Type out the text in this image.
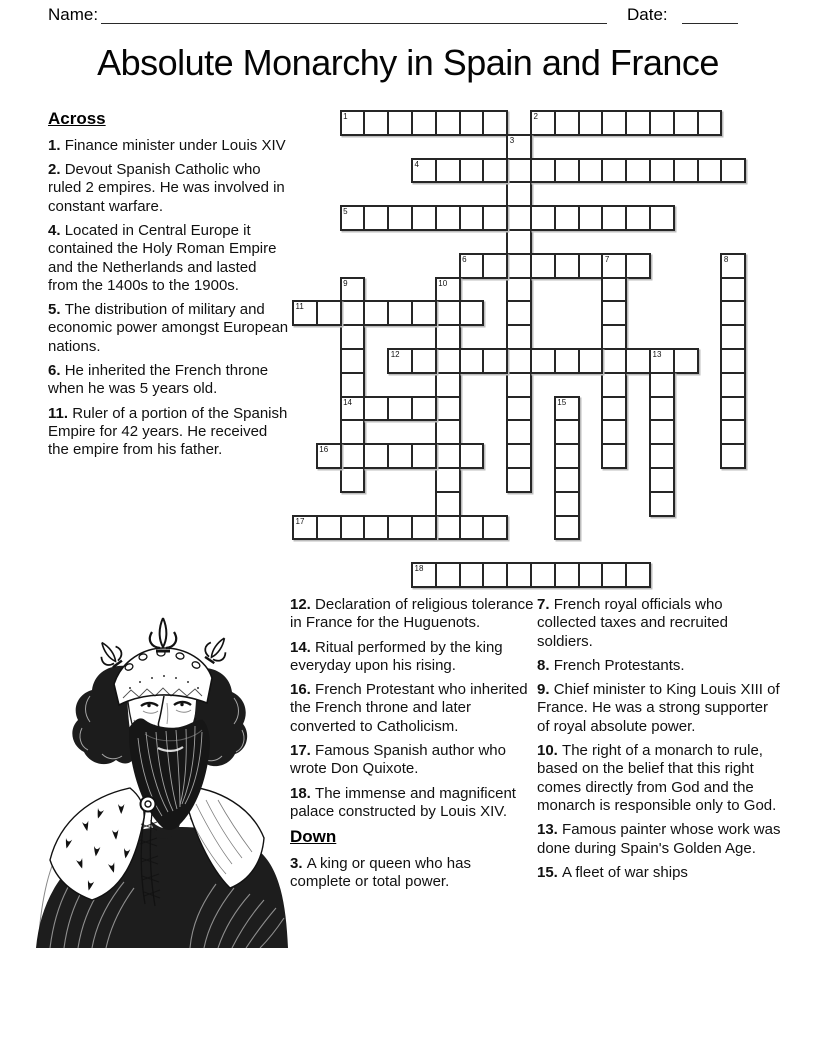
Name:	Date:
Absolute Monarchy in Spain and France
1	2
3
4
5
6	7	8
9
14
10
11
12	13
15
16
17
18
Across
1. Finance minister under Louis XIV
2. Devout Spanish Catholic who ruled 2 empires. He was involved in constant warfare.
4. Located in Central Europe it contained the Holy Roman Empire and the Netherlands and lasted from the 1400s to the 1900s.
5. The distribution of military and economic power amongst European nations.
6. He inherited the French throne when he was 5 years old.
11. Ruler of a portion of the Spanish Empire for 42 years. He received the empire from his father.
12. Declaration of religious tolerance in France for the Huguenots.
14. Ritual performed by the king everyday upon his rising.
16. French Protestant who inherited the French throne and later converted to Catholicism.
17. Famous Spanish author who wrote Don Quixote.
18. The immense and magnificent palace constructed by Louis XIV.
Down
3. A king or queen who has complete or total power.
7. French royal officials who collected taxes and recruited soldiers.
8. French Protestants.
9. Chief minister to King Louis XIII of France. He was a strong supporter of royal absolute power.
10. The right of a monarch to rule, based on the belief that this right comes directly from God and the monarch is responsible only to God.
13. Famous painter whose work was done during Spain's Golden Age.
15. A fleet of war ships
